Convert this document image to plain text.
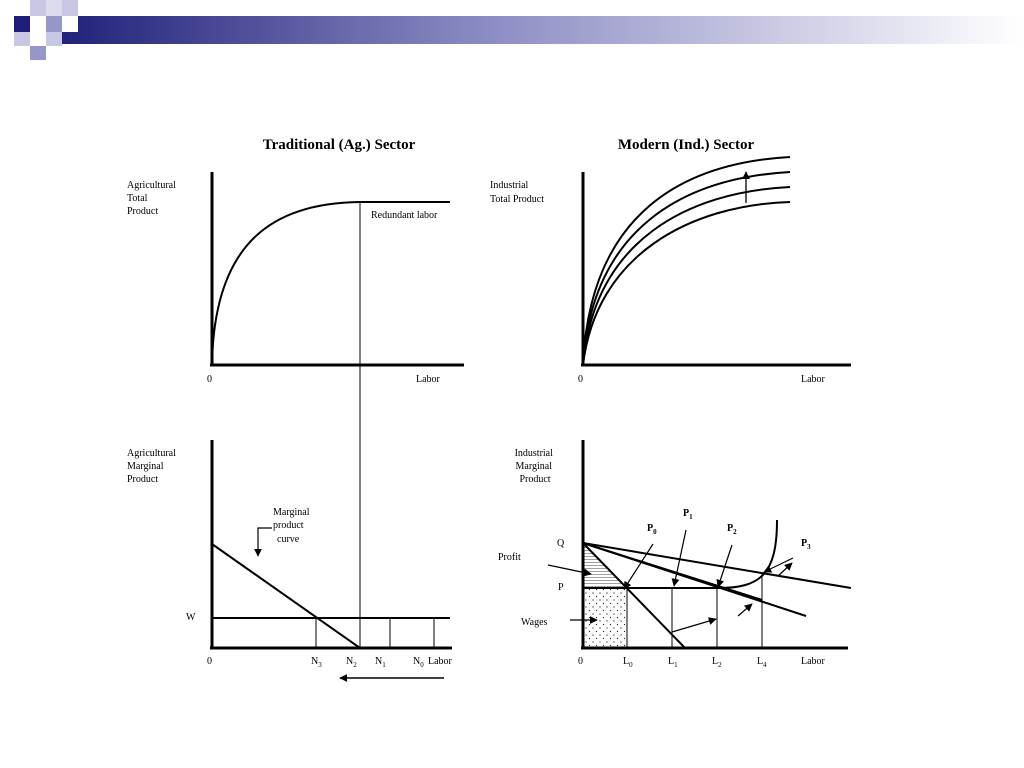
Traditional (Ag.) Sector	Modern (Ind.) Sector
Agricultural Total Product	Redundant labor
0	Labor
Agricultural Marginal Product
W
Marginal product curve
0	$N_3$ $N_2$ $N_1$	$N_0$ Labor
Industrial Total Product
0	Labor
Industrial Marginal Product
Q
P
Profit
Wages
$P_0$
$P_1$
$P_2$
$P_3$
0	$L_0$	$L_1$	$L_2$	$L_4$	Labor
